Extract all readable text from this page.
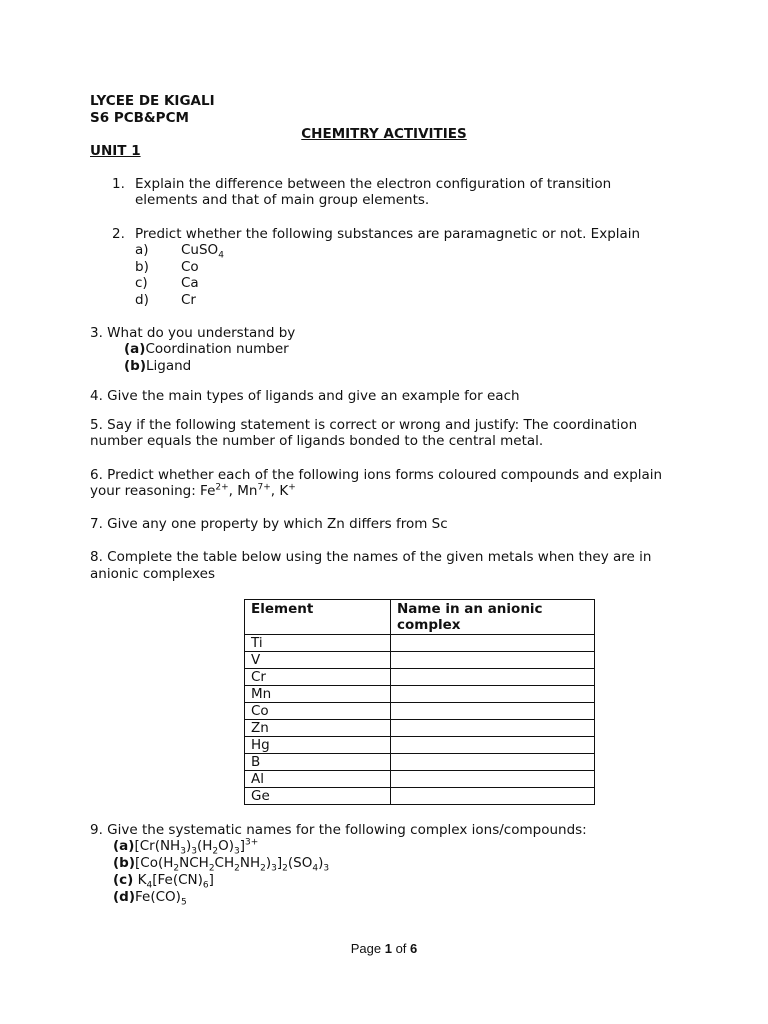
LYCEE DE KIGALI
S6 PCB&PCM
CHEMITRY ACTIVITIES
UNIT 1
1. Explain the difference between the electron configuration of transition
elements and that of main group elements.
2. Predict whether the following substances are paramagnetic or not. Explain
a) CuSO$_4$
b) Co
c) Ca
d) Cr
3. What do you understand by
(a)Coordination number
(b)Ligand
4. Give the main types of ligands and give an example for each
5. Say if the following statement is correct or wrong and justify: The coordination
number equals the number of ligands bonded to the central metal.
6. Predict whether each of the following ions forms coloured compounds and explain
your reasoning: $Fe^{2+}$, $Mn^{7+}$, K+
7. Give any one property by which Zn differs from Sc
8. Complete the table below using the names of the given metals when they are in
anionic complexes
Element	Name in an anionic complex
Ti	
V	
Cr	
Mn	
Co	
Zn	
Hg	
B	
Al	
Ge	
9. Give the systematic names for the following complex ions/compounds:
$(a)[Cr(NH_3)_3(H_2O)_3]^{3+}$
$(b)[Co(H_2NCH_2CH_2NH_2)_3]_2(SO_4)_3$
(c) $K_4[Fe(CN)_6]$
$(d)Fe(CO)_5$
Page 1 of 6
